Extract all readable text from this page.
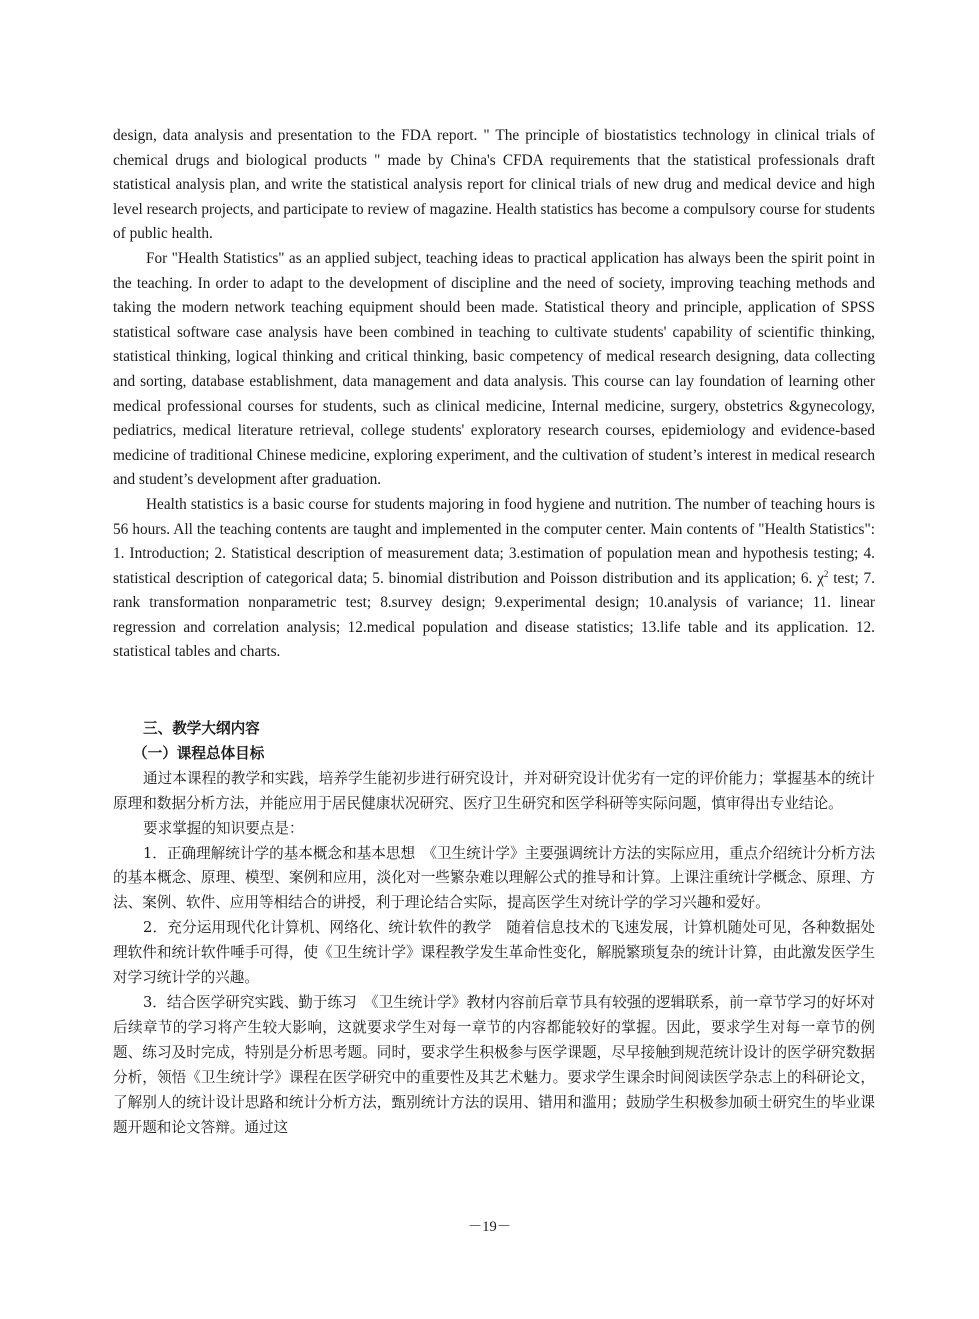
design, data analysis and presentation to the FDA report. " The principle of biostatistics technology in clinical trials of chemical drugs and biological products " made by China's CFDA requirements that the statistical professionals draft statistical analysis plan, and write the statistical analysis report for clinical trials of new drug and medical device and high level research projects, and participate to review of magazine. Health statistics has become a compulsory course for students of public health.

For "Health Statistics" as an applied subject, teaching ideas to practical application has always been the spirit point in the teaching. In order to adapt to the development of discipline and the need of society, improving teaching methods and taking the modern network teaching equipment should been made. Statistical theory and principle, application of SPSS statistical software case analysis have been combined in teaching to cultivate students' capability of scientific thinking, statistical thinking, logical thinking and critical thinking, basic competency of medical research designing, data collecting and sorting, database establishment, data management and data analysis. This course can lay foundation of learning other medical professional courses for students, such as clinical medicine, Internal medicine, surgery, obstetrics &gynecology, pediatrics, medical literature retrieval, college students' exploratory research courses, epidemiology and evidence-based medicine of traditional Chinese medicine, exploring experiment, and the cultivation of student’s interest in medical research and student’s development after graduation.

Health statistics is a basic course for students majoring in food hygiene and nutrition. The number of teaching hours is 56 hours. All the teaching contents are taught and implemented in the computer center. Main contents of "Health Statistics": 1. Introduction; 2. Statistical description of measurement data; 3.estimation of population mean and hypothesis testing; 4. statistical description of categorical data; 5. binomial distribution and Poisson distribution and its application; 6. $\chi^2$ test; 7. rank transformation nonparametric test; 8.survey design; 9.experimental design; 10.analysis of variance; 11. linear regression and correlation analysis; 12.medical population and disease statistics; 13.life table and its application. 12. statistical tables and charts.

三、教学大纲内容

（一）课程总体目标

通过本课程的教学和实践，培养学生能初步进行研究设计，并对研究设计优劣有一定的评价能力；掌握基本的统计原理和数据分析方法，并能应用于居民健康状况研究、医疗卫生研究和医学科研等实际问题，慎审得出专业结论。

要求掌握的知识要点是：

1．正确理解统计学的基本概念和基本思想　《卫生统计学》主要强调统计方法的实际应用，重点介绍统计分析方法的基本概念、原理、模型、案例和应用，淡化对一些繁杂难以理解公式的推导和计算。上课注重统计学概念、原理、方法、案例、软件、应用等相结合的讲授，利于理论结合实际，提高医学生对统计学的学习兴趣和爱好。

2．充分运用现代化计算机、网络化、统计软件的教学　随着信息技术的飞速发展，计算机随处可见，各种数据处理软件和统计软件唾手可得，使《卫生统计学》课程教学发生革命性变化，解脱繁琐复杂的统计计算，由此激发医学生对学习统计学的兴趣。

3．结合医学研究实践、勤于练习　《卫生统计学》教材内容前后章节具有较强的逻辑联系，前一章节学习的好坏对后续章节的学习将产生较大影响，这就要求学生对每一章节的内容都能较好的掌握。因此，要求学生对每一章节的例题、练习及时完成，特别是分析思考题。同时，要求学生积极参与医学课题，尽早接触到规范统计设计的医学研究数据分析，领悟《卫生统计学》课程在医学研究中的重要性及其艺术魅力。要求学生课余时间阅读医学杂志上的科研论文，了解别人的统计设计思路和统计分析方法，甄别统计方法的误用、错用和滥用；鼓励学生积极参加硕士研究生的毕业课题开题和论文答辩。通过这

－19－
